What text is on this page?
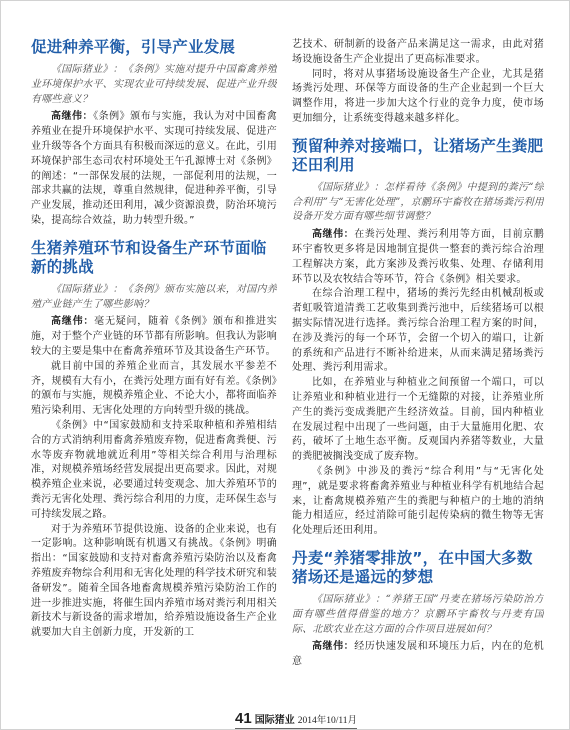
促进种养平衡，引导产业发展

《国际猪业》：《条例》实施对提升中国畜禽养殖业环境保护水平、实现农业可持续发展、促进产业升级有哪些意义？

高继伟：《条例》颁布与实施，我认为对中国畜禽养殖业在提升环境保护水平、实现可持续发展、促进产业升级等各个方面具有积极而深远的意义。在此，引用环境保护部生态司农村环境处王午孔源博士对《条例》的阐述：“一部保发展的法规，一部促利用的法规，一部求共赢的法规，尊重自然规律，促进种养平衡，引导产业发展，推动还田利用，减少资源浪费，防治环境污染，提高综合效益，助力转型升级。”

生猪养殖环节和设备生产环节面临新的挑战

《国际猪业》：《条例》颁布实施以来，对国内养殖产业链产生了哪些影响？

高继伟：毫无疑问，随着《条例》颁布和推进实施，对于整个产业链的环节都有所影响。但我认为影响较大的主要是集中在畜禽养殖环节及其设备生产环节。

就目前中国的养殖企业而言，其发展水平参差不齐，规模有大有小，在粪污处理方面有好有差。《条例》的颁布与实施，规模养殖企业、不论大小，都将面临养殖污染利用、无害化处理的方向转型升级的挑战。

《条例》中“国家鼓励和支持采取种植和养殖相结合的方式消纳利用畜禽养殖废弃物，促进畜禽粪便、污水等废弃物就地就近利用”等相关综合利用与治理标准，对规模养殖场经营发展提出更高要求。因此，对规模养殖企业来说，必要通过转变观念、加大养殖环节的粪污无害化处理、粪污综合利用的力度，走环保生态与可持续发展之路。

对于为养殖环节提供设施、设备的企业来说，也有一定影响。这种影响既有机遇又有挑战。《条例》明确指出：“国家鼓励和支持对畜禽养殖污染防治以及畜禽养殖废弃物综合利用和无害化处理的科学技术研究和装备研发”。随着全国各地畜禽规模养殖污染防治工作的进一步推进实施，将催生国内养殖市场对粪污利用相关新技术与新设备的需求增加，给养殖设施设备生产企业就要加大自主创新力度，开发新的工

艺技术、研制新的设备产品来满足这一需求，由此对猪场设施设备生产企业提出了更高标准要求。

同时，将对从事猪场设施设备生产企业，尤其是猪场粪污处理、环保等方面设备的生产企业起到一个巨大调整作用，将进一步加大这个行业的竞争力度，使市场更加细分，让系统变得越来越多样化。

预留种养对接端口，让猪场产生粪肥还田利用

《国际猪业》：怎样看待《条例》中提到的粪污“综合利用”与“无害化处理”，京鹏环宇畜牧在猪场粪污利用设备开发方面有哪些细节调整？

高继伟：在粪污处理、粪污利用等方面，目前京鹏环宇畜牧更多将是因地制宜提供一整套的粪污综合治理工程解决方案，此方案涉及粪污收集、处理、存储利用环节以及农牧结合等环节，符合《条例》相关要求。

在综合治理工程中，猪场的粪污先经由机械刮板或者虹吸管道清粪工艺收集到粪污池中，后续猪场可以根据实际情况进行选择。粪污综合治理工程方案的时间，在涉及粪污的每一个环节，会留一个切入的端口，让新的系统和产品进行不断补给进来，从而来满足猪场粪污处理、粪污利用需求。

比如，在养殖业与种植业之间预留一个端口，可以让养殖业和种植业进行一个无缝隙的对接，让养殖业所产生的粪污变成粪肥产生经济效益。目前，国内种植业在发展过程中出现了一些问题，由于大量施用化肥、农药，破坏了土地生态平衡。反观国内养猪等数业，大量的粪肥被搁浅变成了废弃物。

《条例》中涉及的粪污“综合利用”与“无害化处理”，就是要求将畜禽养殖业与种植业科学有机地结合起来，让畜禽规模养殖产生的粪肥与种植户的土地的消纳能力相适应，经过消除可能引起传染病的微生物等无害化处理后还田利用。

丹麦“养猪零排放”，在中国大多数猪场还是遥远的梦想

《国际猪业》：“养猪王国”丹麦在猪场污染防治方面有哪些值得借鉴的地方？京鹏环宇畜牧与丹麦有国际、北欧农业在这方面的合作项目进展如何？

高继伟：经历快速发展和环境压力后，内在的危机意

41 国际猪业 2014年10/11月
